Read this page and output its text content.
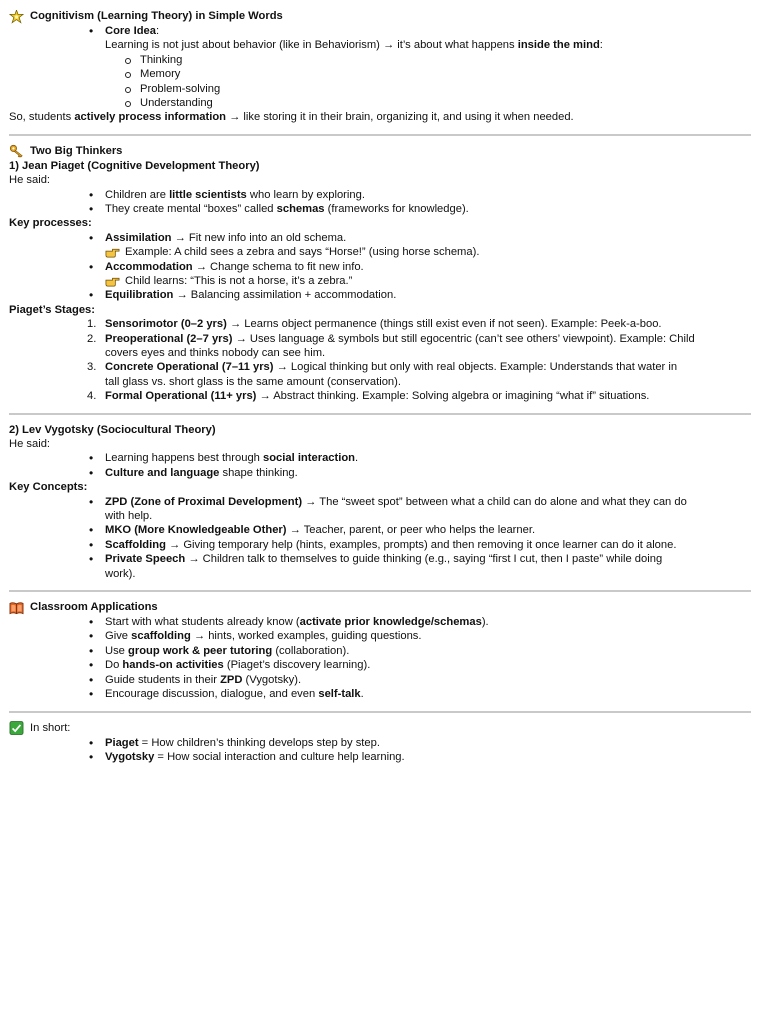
Cognitivism (Learning Theory) in Simple Words
• Core Idea:
Learning is not just about behavior (like in Behaviorism) → it’s about what happens inside the mind:
Thinking
Memory
Problem-solving
Understanding
So, students actively process information → like storing it in their brain, organizing it, and using it when needed.
Two Big Thinkers
1) Jean Piaget (Cognitive Development Theory)
He said:
• Children are little scientists who learn by exploring.
• They create mental “boxes” called schemas (frameworks for knowledge).
Key processes:
• Assimilation → Fit new info into an old schema.
Example: A child sees a zebra and says “Horse!” (using horse schema).
• Accommodation → Change schema to fit new info.
Child learns: “This is not a horse, it’s a zebra.”
• Equilibration → Balancing assimilation + accommodation.
Piaget’s Stages:
1. Sensorimotor (0–2 yrs) → Learns object permanence (things still exist even if not seen). Example: Peek-a-boo.
2. Preoperational (2–7 yrs) → Uses language & symbols but still egocentric (can’t see others’ viewpoint). Example: Child
covers eyes and thinks nobody can see him.
3. Concrete Operational (7–11 yrs) → Logical thinking but only with real objects. Example: Understands that water in
tall glass vs. short glass is the same amount (conservation).
4. Formal Operational (11+ yrs) → Abstract thinking. Example: Solving algebra or imagining “what if” situations.
2) Lev Vygotsky (Sociocultural Theory)
He said:
• Learning happens best through social interaction.
• Culture and language shape thinking.
Key Concepts:
• ZPD (Zone of Proximal Development) → The “sweet spot” between what a child can do alone and what they can do
with help.
• MKO (More Knowledgeable Other) → Teacher, parent, or peer who helps the learner.
• Scaffolding → Giving temporary help (hints, examples, prompts) and then removing it once learner can do it alone.
• Private Speech → Children talk to themselves to guide thinking (e.g., saying “first I cut, then I paste” while doing
work).
Classroom Applications
• Start with what students already know (activate prior knowledge/schemas).
• Give scaffolding → hints, worked examples, guiding questions.
• Use group work & peer tutoring (collaboration).
• Do hands-on activities (Piaget’s discovery learning).
• Guide students in their ZPD (Vygotsky).
• Encourage discussion, dialogue, and even self-talk.
In short:
• Piaget = How children’s thinking develops step by step.
• Vygotsky = How social interaction and culture help learning.
